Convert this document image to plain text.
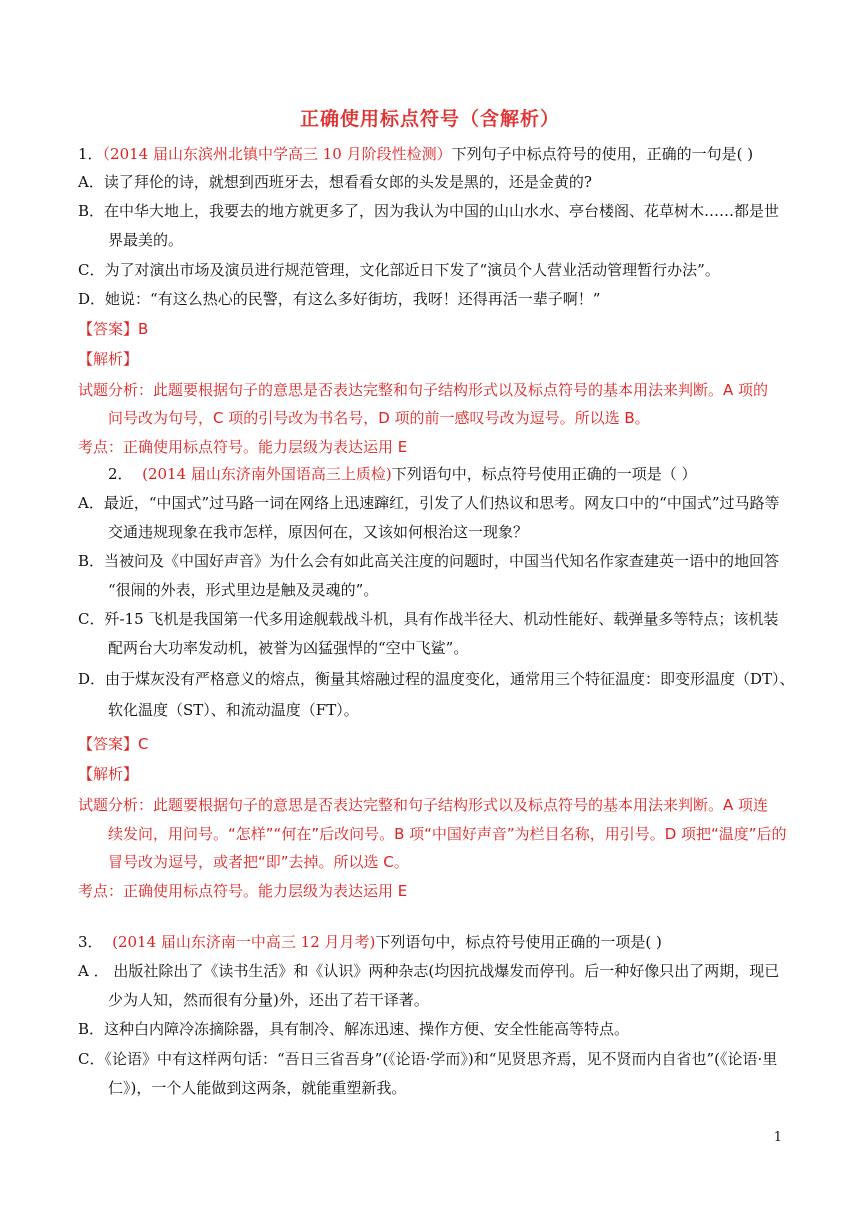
正确使用标点符号（含解析）
1．（2014 届山东滨州北镇中学高三 10 月阶段性检测）下列句子中标点符号的使用，正确的一句是( )
A．读了拜伦的诗，就想到西班牙去，想看看女郎的头发是黑的，还是金黄的?
B．在中华大地上，我要去的地方就更多了，因为我认为中国的山山水水、亭台楼阁、花草树木……都是世
界最美的。
C．为了对演出市场及演员进行规范管理，文化部近日下发了“演员个人营业活动管理暂行办法”。
D．她说：“有这么热心的民警，有这么多好街坊，我呀！还得再活一辈子啊！”
【答案】B
【解析】
试题分析：此题要根据句子的意思是否表达完整和句子结构形式以及标点符号的基本用法来判断。A 项的
问号改为句号，C 项的引号改为书名号，D 项的前一感叹号改为逗号。所以选 B。
考点：正确使用标点符号。能力层级为表达运用 E
2． (2014 届山东济南外国语高三上质检)下列语句中，标点符号使用正确的一项是（ ）
A．最近，“中国式”过马路一词在网络上迅速蹿红，引发了人们热议和思考。网友口中的“中国式”过马路等
交通违规现象在我市怎样，原因何在，又该如何根治这一现象？
B．当被问及《中国好声音》为什么会有如此高关注度的问题时，中国当代知名作家查建英一语中的地回答
“很闹的外表，形式里边是触及灵魂的”。
C．歼-15 飞机是我国第一代多用途舰载战斗机，具有作战半径大、机动性能好、载弹量多等特点；该机装
配两台大功率发动机，被誉为凶猛强悍的“空中飞鲨”。
D．由于煤灰没有严格意义的熔点，衡量其熔融过程的温度变化，通常用三个特征温度：即变形温度（DT）、
软化温度（ST）、和流动温度（FT）。
【答案】C
【解析】
试题分析：此题要根据句子的意思是否表达完整和句子结构形式以及标点符号的基本用法来判断。A 项连
续发问，用问号。“怎样”“何在”后改问号。B 项“中国好声音”为栏目名称，用引号。D 项把“温度”后的
冒号改为逗号，或者把“即”去掉。所以选 C。
考点：正确使用标点符号。能力层级为表达运用 E
3． (2014 届山东济南一中高三 12 月月考)下列语句中，标点符号使用正确的一项是( )
A ． 出版社除出了《读书生活》和《认识》两种杂志(均因抗战爆发而停刊。后一种好像只出了两期，现已
少为人知，然而很有分量)外，还出了若干译著。
B．这种白内障冷冻摘除器，具有制冷、解冻迅速、操作方便、安全性能高等特点。
C．《论语》中有这样两句话：“吾日三省吾身”(《论语·学而》)和“见贤思齐焉，见不贤而内自省也”(《论语·里
仁》)，一个人能做到这两条，就能重塑新我。
1
